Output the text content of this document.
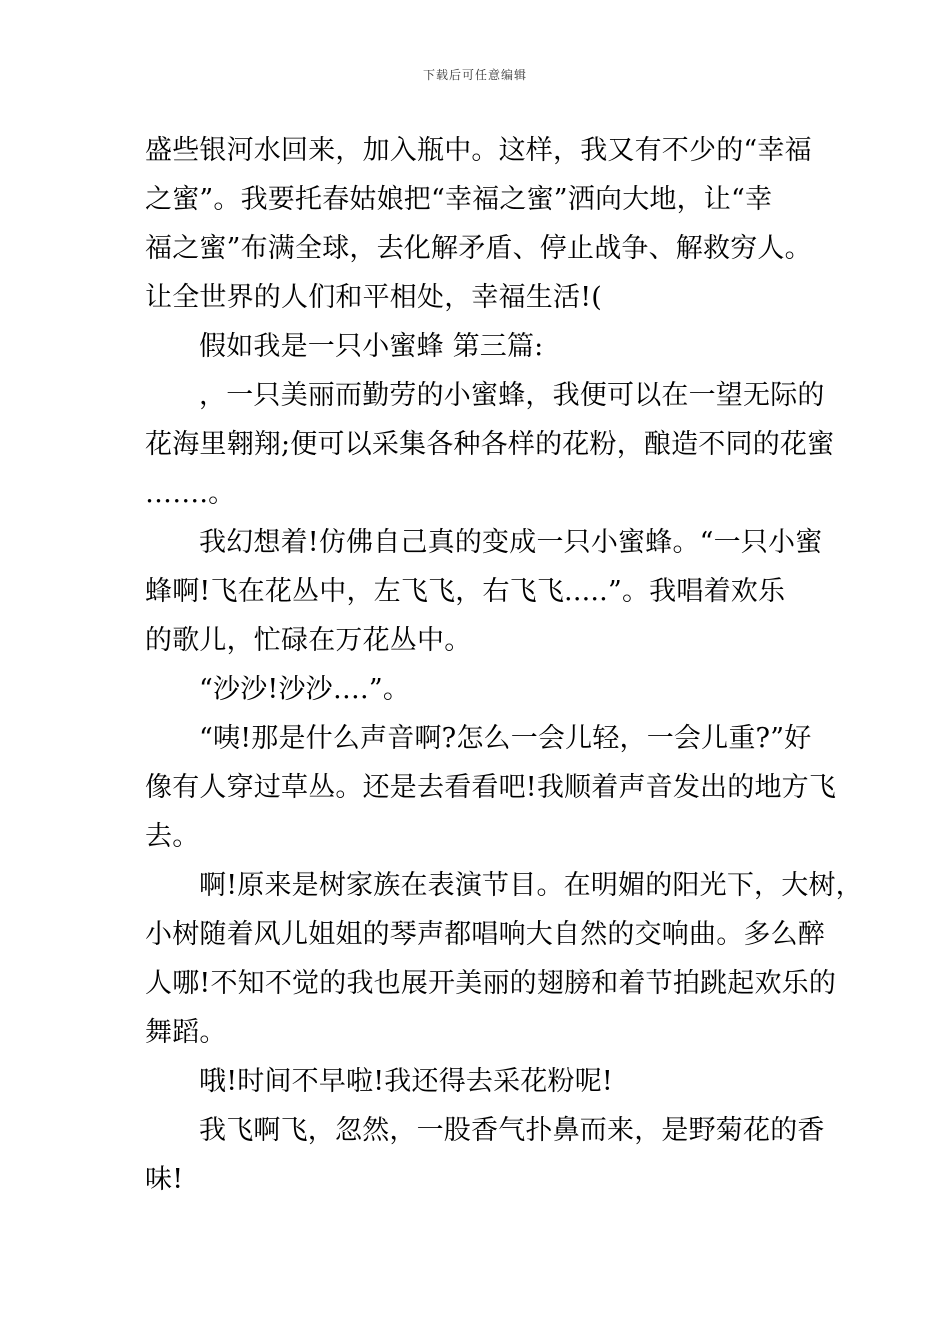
下载后可任意编辑
盛些银河水回来，加入瓶中。这样，我又有不少的“幸福
之蜜”。我要托春姑娘把“幸福之蜜”洒向大地，让“幸
福之蜜”布满全球，去化解矛盾、停止战争、解救穷人。
让全世界的人们和平相处，幸福生活!(
假如我是一只小蜜蜂 第三篇:
，一只美丽而勤劳的小蜜蜂，我便可以在一望无际的
花海里翱翔;便可以采集各种各样的花粉，酿造不同的花蜜
…….。
我幻想着!仿佛自己真的变成一只小蜜蜂。“一只小蜜
蜂啊!飞在花丛中，左飞飞，右飞飞.....”。我唱着欢乐
的歌儿，忙碌在万花丛中。
“沙沙!沙沙….”。
“咦!那是什么声音啊?怎么一会儿轻，一会儿重?”好
像有人穿过草丛。还是去看看吧!我顺着声音发出的地方飞
去。
啊!原来是树家族在表演节目。在明媚的阳光下，大树，
小树随着风儿姐姐的琴声都唱响大自然的交响曲。多么醉
人哪!不知不觉的我也展开美丽的翅膀和着节拍跳起欢乐的
舞蹈。
哦!时间不早啦!我还得去采花粉呢!
我飞啊飞，忽然，一股香气扑鼻而来，是野菊花的香
味!
